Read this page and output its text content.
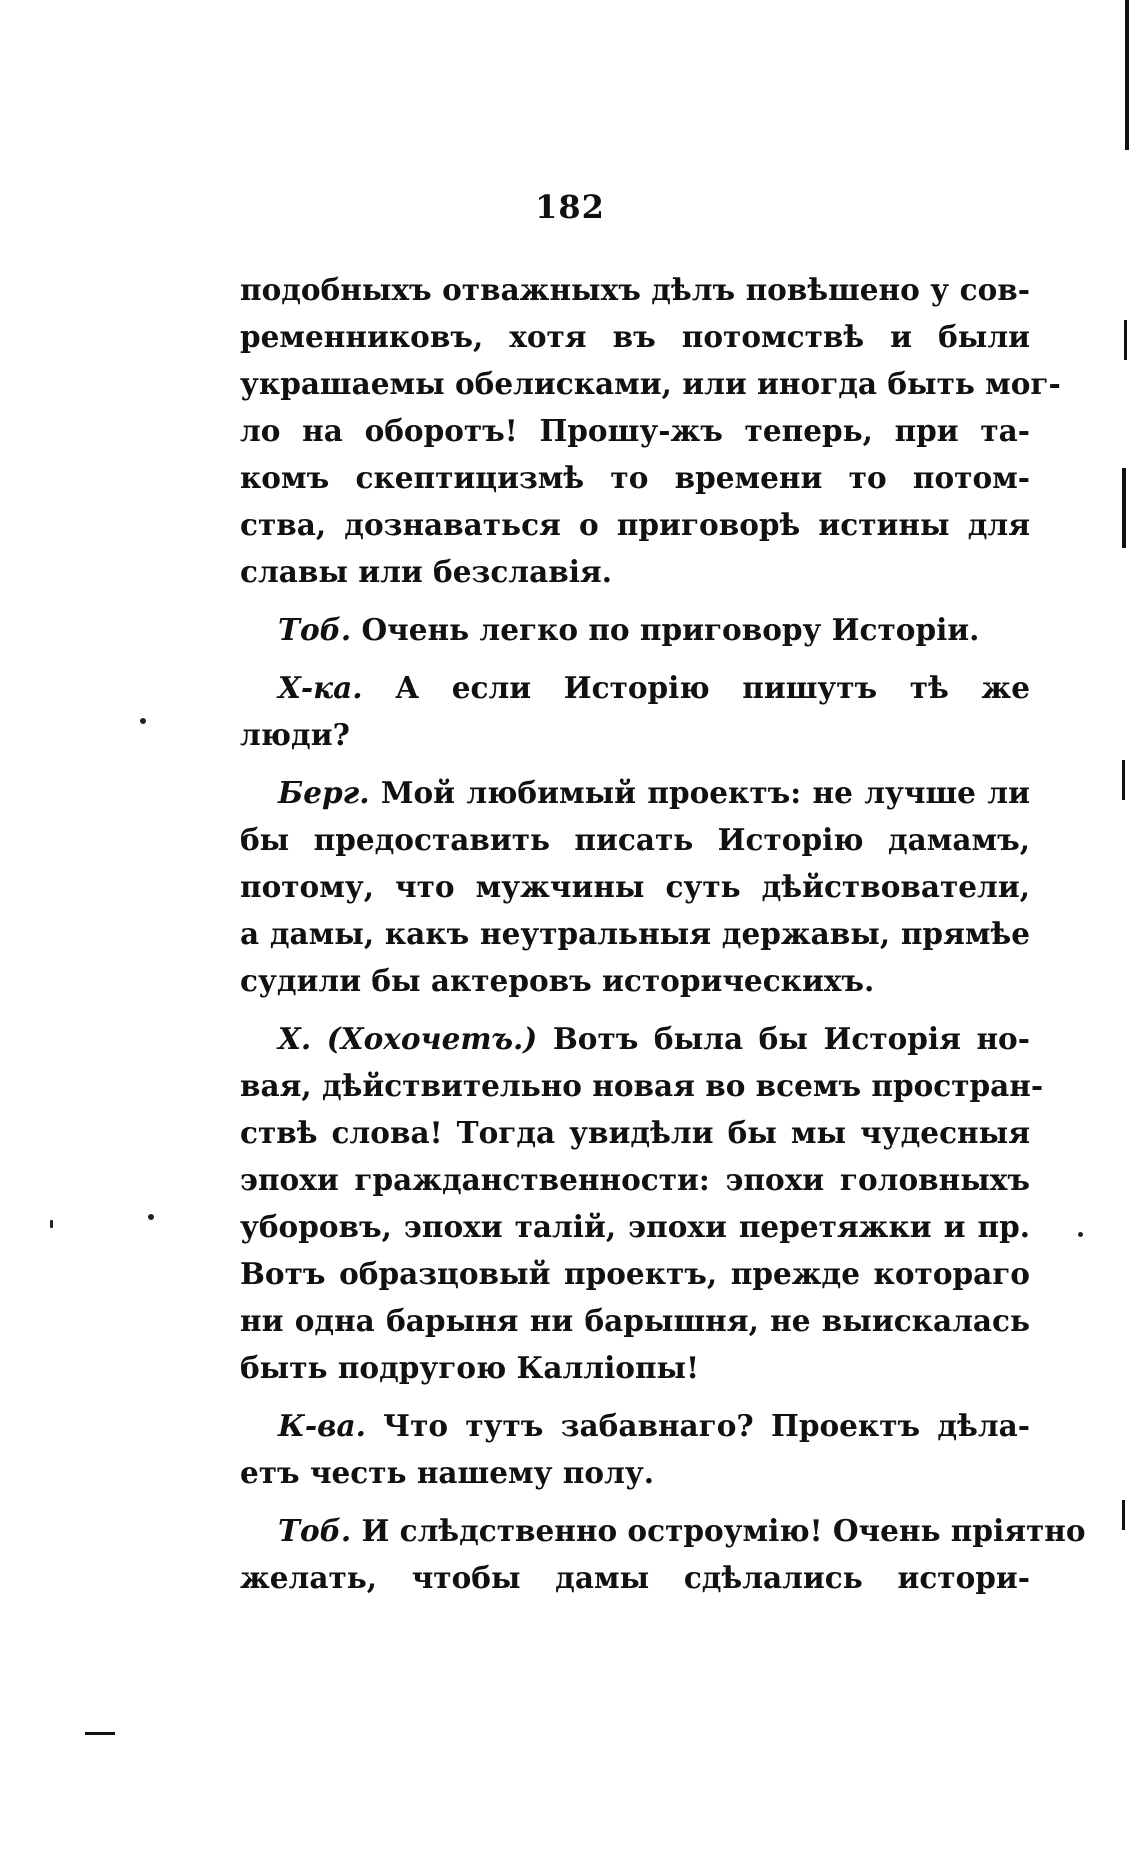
182

подобныхъ отважныхъ дѣлъ повѣшено у сов-
ременниковъ, хотя въ потомствѣ и были
украшаемы обелисками, или иногда быть мог-
ло на оборотъ! Прошу-жъ теперь, при та-
комъ скептицизмѣ то времени то потом-
ства, дознаваться о приговорѣ истины для
славы или безславія.

Тоб. Очень легко по приговору Исторіи.

Х-ка. А если Исторію пишутъ тѣ же
люди?

Берг. Мой любимый проектъ: не лучше ли
бы предоставить писать Исторію дамамъ,
потому, что мужчины суть дѣйствователи,
а дамы, какъ неутральныя державы, прямѣе
судили бы актеровъ историческихъ.

Х. (Хохочетъ.) Вотъ была бы Исторія но-
вая, дѣйствительно новая во всемъ простран-
ствѣ слова! Тогда увидѣли бы мы чудесныя
эпохи гражданственности: эпохи головныхъ
уборовъ, эпохи талій, эпохи перетяжки и пр.
Вотъ образцовый проектъ, прежде котораго
ни одна барыня ни барышня, не выискалась
быть подругою Калліопы!

К-ва. Что тутъ забавнаго? Проектъ дѣла-
етъ честь нашему полу.

Тоб. И слѣдственно остроумію! Очень пріятно
желать, чтобы дамы сдѣлались истори-
